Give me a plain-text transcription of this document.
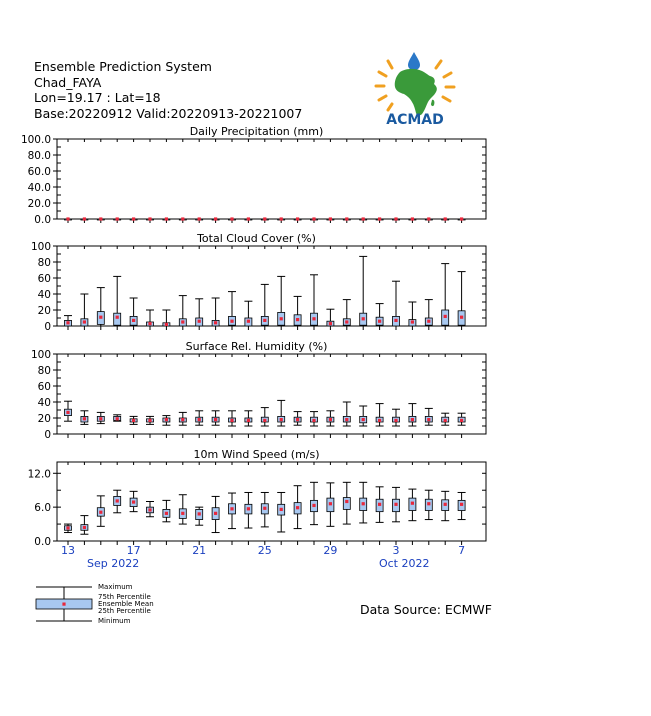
Ensemble Prediction System
Chad_FAYA
Lon=19.17 : Lat=18
Base:20220912 Valid:20220913-20221007	ACMAD
Daily Precipitation (mm)
0.0
20.0
40.0
60.0
80.0
100.0
Total Cloud Cover (%)
0
20
40
60
80
100
Surface Rel. Humidity (%)
0
20
40
60
80
100
10m Wind Speed (m/s)
0.0
6.0
12.0
13	17	21	25	29	3	7
Sep 2022	Oct 2022
Maximum
75th Percentile
Ensemble Mean
25th Percentile
Minimum
Data Source: ECMWF
